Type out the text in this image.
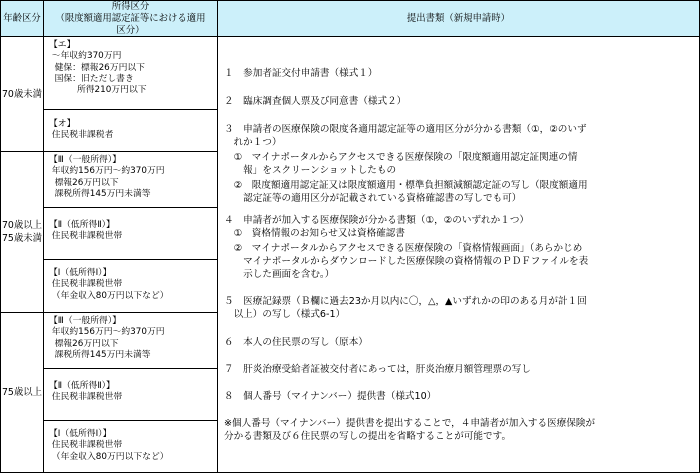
年齢区分
所得区分
（限度額適用認定証等における適用
区分）
提出書類（新規申請時）
70歳未満
70歳以上
75歳未満
75歳以上
【エ】
〜年収約370万円
健保：標報26万円以下
国保：旧ただし書き
所得210万円以下
【オ】
住民税非課税者
【Ⅲ（一般所得）】
年収約156万円～約370万円
標報26万円以下
課税所得145万円未満等
【Ⅱ（低所得Ⅱ）】
住民税非課税世帯
【Ⅰ（低所得Ⅰ）】
住民税非課税世帯
（年金収入80万円以下など）
【Ⅲ（一般所得）】
年収約156万円～約370万円
標報26万円以下
課税所得145万円未満等
【Ⅱ（低所得Ⅱ）】
住民税非課税世帯
【Ⅰ（低所得Ⅰ）】
住民税非課税世帯
（年金収入80万円以下など）
１　参加者証交付申請書（様式１）
２　臨床調査個人票及び同意書（様式２）
３　申請者の医療保険の限度各適用認定証等の適用区分が分かる書類（①，②のいず
　れか１つ）
　①　マイナポータルからアクセスできる医療保険の「限度額適用認定証関連の情
　　報」をスクリーンショットしたもの
　②　限度額適用認定証又は限度額適用・標準負担額減額認定証の写し（限度額適用
　　認定証等の適用区分が記載されている資格確認書の写しでも可）
４　申請者が加入する医療保険が分かる書類（①，②のいずれか１つ）
　①　資格情報のお知らせ又は資格確認書
　②　マイナポータルからアクセスできる医療保険の「資格情報画面」（あらかじめ
　　マイナポータルからダウンロードした医療保険の資格情報のＰＤＦファイルを表
　　示した画面を含む。）
５　医療記録票（Ｂ欄に過去23か月以内に〇，△，▲いずれかの印のある月が計１回
　以上）の写し（様式6-1）
６　本人の住民票の写し（原本）
７　肝炎治療受給者証被交付者にあっては，肝炎治療月額管理票の写し
８　個人番号（マイナンバー）提供書（様式10）
※個人番号（マイナンバー）提供書を提出することで，４申請者が加入する医療保険が
分かる書類及び６住民票の写しの提出を省略することが可能です。
